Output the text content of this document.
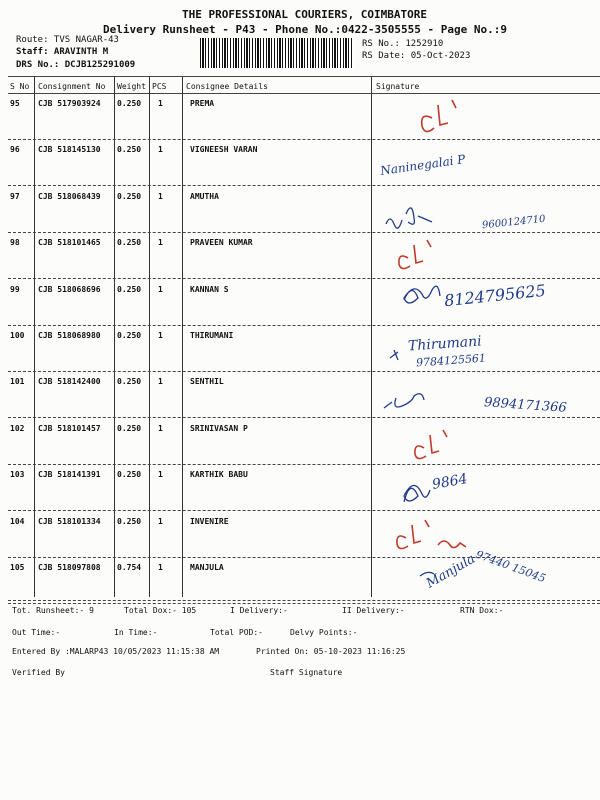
THE PROFESSIONAL COURIERS, COIMBATORE
Delivery Runsheet - P43 - Phone No.:0422-3505555 - Page No.:9
Route: TVS NAGAR-43
Staff: ARAVINTH M
DRS No.: DCJB125291009
RS No.: 1252910
RS Date: 05-Oct-2023
S No Consignment No Weight PCS Consignee Details	Signature
95 CJB 517903924 0.250 1	PREMA
96 CJB 518145130 0.250 1	VIGNEESH VARAN
97 CJB 518068439 0.250 1	AMUTHA
98 CJB 518101465 0.250 1	PRAVEEN KUMAR
99 CJB 518068696 0.250 1	KANNAN S
100 CJB 518068980 0.250 1	THIRUMANI
101 CJB 518142400 0.250 1	SENTHIL
102 CJB 518101457 0.250 1	SRINIVASAN P
103 CJB 518141391 0.250 1	KARTHIK BABU
104 CJB 518101334 0.250 1	INVENIRE
105 CJB 518097808 0.754 1	MANJULA
Naninegalai P
9600124710
8124795625
Thirumani
9784125561
9894171366
9864
Manjula
97440 15045
Tot. Runsheet:- 9	Total Dox:- 105	I Delivery:-	II Delivery:-	RTN Dox:-
Out Time:-	In Time:-	Total POD:-	Delvy Points:-
Entered By :MALARP43 10/05/2023 11:15:38 AM	Printed On: 05-10-2023 11:16:25
Verified By	Staff Signature
